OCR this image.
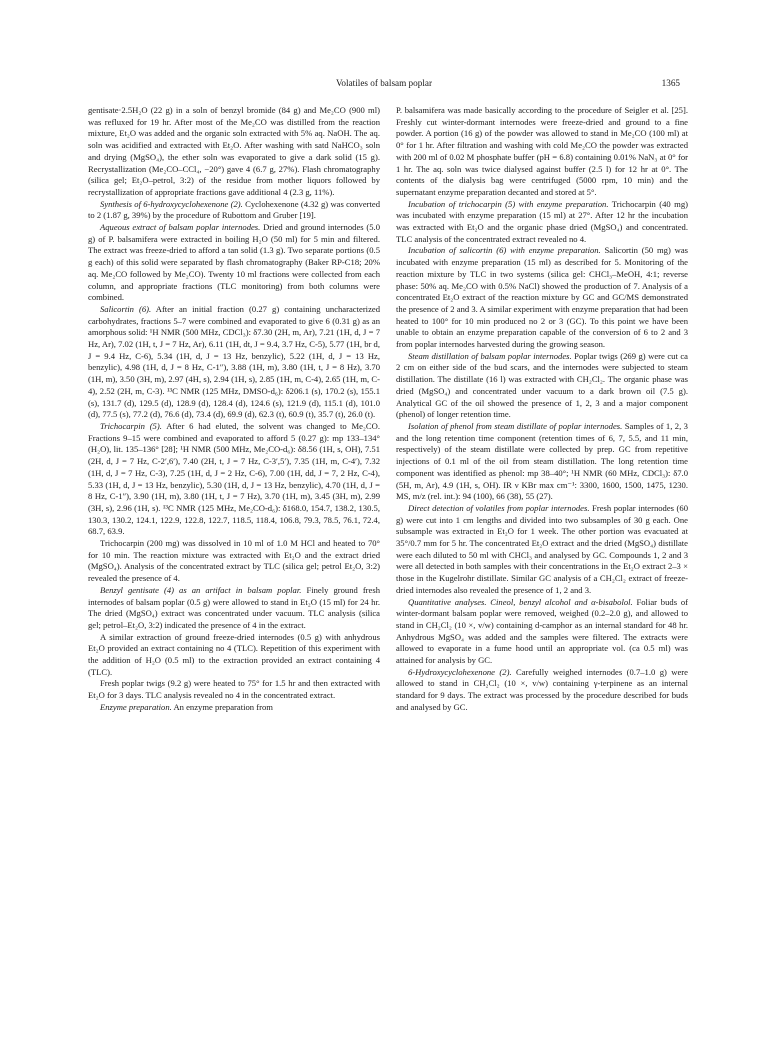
Volatiles of balsam poplar	1365

gentisate·2.5H₂O (22 g) in a soln of benzyl bromide (84 g) and Me₂CO (900 ml) was refluxed for 19 hr. After most of the Me₂CO was distilled from the reaction mixture, Et₂O was added and the organic soln extracted with 5% aq. NaOH. The aq. soln was acidified and extracted with Et₂O. After washing with satd NaHCO₃ soln and drying (MgSO₄), the ether soln was evaporated to give a dark solid (15 g). Recrystallization (Me₂CO–CCl₄, −20°) gave 4 (6.7 g, 27%). Flash chromatography (silica gel; Et₂O–petrol, 3:2) of the residue from mother liquors followed by recrystallization of appropriate fractions gave additional 4 (2.3 g, 11%).

Synthesis of 6-hydroxycyclohexenone (2). Cyclohexenone (4.32 g) was converted to 2 (1.87 g, 39%) by the procedure of Rubottom and Gruber [19].

Aqueous extract of balsam poplar internodes. Dried and ground internodes (5.0 g) of P. balsamifera were extracted in boiling H₂O (50 ml) for 5 min and filtered. The extract was freeze-dried to afford a tan solid (1.3 g). Two separate portions (0.5 g each) of this solid were separated by flash chromatography (Baker RP-C18; 20% aq. Me₂CO followed by Me₂CO). Twenty 10 ml fractions were collected from each column, and appropriate fractions (TLC monitoring) from both columns were combined.

Salicortin (6). After an initial fraction (0.27 g) containing uncharacterized carbohydrates, fractions 5–7 were combined and evaporated to give 6 (0.31 g) as an amorphous solid: ¹H NMR (500 MHz, CDCl₃): δ7.30 (2H, m, Ar), 7.21 (1H, d, J = 7 Hz, Ar), 7.02 (1H, t, J = 7 Hz, Ar), 6.11 (1H, dt, J = 9.4, 3.7 Hz, C-5), 5.77 (1H, br d, J = 9.4 Hz, C-6), 5.34 (1H, d, J = 13 Hz, benzylic), 5.22 (1H, d, J = 13 Hz, benzylic), 4.98 (1H, d, J = 8 Hz, C-1″), 3.88 (1H, m), 3.80 (1H, t, J = 8 Hz), 3.70 (1H, m), 3.50 (3H, m), 2.97 (4H, s), 2.94 (1H, s), 2.85 (1H, m, C-4), 2.65 (1H, m, C-4), 2.52 (2H, m, C-3). ¹³C NMR (125 MHz, DMSO-d₆): δ206.1 (s), 170.2 (s), 155.1 (s), 131.7 (d), 129.5 (d), 128.9 (d), 128.4 (d), 124.6 (s), 121.9 (d), 115.1 (d), 101.0 (d), 77.5 (s), 77.2 (d), 76.6 (d), 73.4 (d), 69.9 (d), 62.3 (t), 60.9 (t), 35.7 (t), 26.0 (t).

Trichocarpin (5). After 6 had eluted, the solvent was changed to Me₂CO. Fractions 9–15 were combined and evaporated to afford 5 (0.27 g): mp 133–134° (H₂O), lit. 135–136° [28]; ¹H NMR (500 MHz, Me₂CO-d₆): δ8.56 (1H, s, OH), 7.51 (2H, d, J = 7 Hz, C-2′,6′), 7.40 (2H, t, J = 7 Hz, C-3′,5′), 7.35 (1H, m, C-4′), 7.32 (1H, d, J = 7 Hz, C-3), 7.25 (1H, d, J = 2 Hz, C-6), 7.00 (1H, dd, J = 7, 2 Hz, C-4), 5.33 (1H, d, J = 13 Hz, benzylic), 5.30 (1H, d, J = 13 Hz, benzylic), 4.70 (1H, d, J = 8 Hz, C-1″), 3.90 (1H, m), 3.80 (1H, t, J = 7 Hz), 3.70 (1H, m), 3.45 (3H, m), 2.99 (3H, s), 2.96 (1H, s). ¹³C NMR (125 MHz, Me₂CO-d₆): δ168.0, 154.7, 138.2, 130.5, 130.3, 130.2, 124.1, 122.9, 122.8, 122.7, 118.5, 118.4, 106.8, 79.3, 78.5, 76.1, 72.4, 68.7, 63.9.

Trichocarpin (200 mg) was dissolved in 10 ml of 1.0 M HCl and heated to 70° for 10 min. The reaction mixture was extracted with Et₂O and the extract dried (MgSO₄). Analysis of the concentrated extract by TLC (silica gel; petrol Et₂O, 3:2) revealed the presence of 4.

Benzyl gentisate (4) as an artifact in balsam poplar. Finely ground fresh internodes of balsam poplar (0.5 g) were allowed to stand in Et₂O (15 ml) for 24 hr. The dried (MgSO₄) extract was concentrated under vacuum. TLC analysis (silica gel; petrol–Et₂O, 3:2) indicated the presence of 4 in the extract.

A similar extraction of ground freeze-dried internodes (0.5 g) with anhydrous Et₂O provided an extract containing no 4 (TLC). Repetition of this experiment with the addition of H₂O (0.5 ml) to the extraction provided an extract containing 4 (TLC).

Fresh poplar twigs (9.2 g) were heated to 75° for 1.5 hr and then extracted with Et₂O for 3 days. TLC analysis revealed no 4 in the concentrated extract.

Enzyme preparation. An enzyme preparation from

P. balsamifera was made basically according to the procedure of Seigler et al. [25]. Freshly cut winter-dormant internodes were freeze-dried and ground to a fine powder. A portion (16 g) of the powder was allowed to stand in Me₂CO (100 ml) at 0° for 1 hr. After filtration and washing with cold Me₂CO the powder was extracted with 200 ml of 0.02 M phosphate buffer (pH = 6.8) containing 0.01% NaN₃ at 0° for 1 hr. The aq. soln was twice dialysed against buffer (2.5 l) for 12 hr at 0°. The contents of the dialysis bag were centrifuged (5000 rpm, 10 min) and the supernatant enzyme preparation decanted and stored at 5°.

Incubation of trichocarpin (5) with enzyme preparation. Trichocarpin (40 mg) was incubated with enzyme preparation (15 ml) at 27°. After 12 hr the incubation was extracted with Et₂O and the organic phase dried (MgSO₄) and concentrated. TLC analysis of the concentrated extract revealed no 4.

Incubation of salicortin (6) with enzyme preparation. Salicortin (50 mg) was incubated with enzyme preparation (15 ml) as described for 5. Monitoring of the reaction mixture by TLC in two systems (silica gel: CHCl₃–MeOH, 4:1; reverse phase: 50% aq. Me₂CO with 0.5% NaCl) showed the production of 7. Analysis of a concentrated Et₂O extract of the reaction mixture by GC and GC/MS demonstrated the presence of 2 and 3. A similar experiment with enzyme preparation that had been heated to 100° for 10 min produced no 2 or 3 (GC). To this point we have been unable to obtain an enzyme preparation capable of the conversion of 6 to 2 and 3 from poplar internodes harvested during the growing season.

Steam distillation of balsam poplar internodes. Poplar twigs (269 g) were cut ca 2 cm on either side of the bud scars, and the internodes were subjected to steam distillation. The distillate (16 l) was extracted with CH₂Cl₂. The organic phase was dried (MgSO₄) and concentrated under vacuum to a dark brown oil (7.5 g). Analytical GC of the oil showed the presence of 1, 2, 3 and a major component (phenol) of longer retention time.

Isolation of phenol from steam distillate of poplar internodes. Samples of 1, 2, 3 and the long retention time component (retention times of 6, 7, 5.5, and 11 min, respectively) of the steam distillate were collected by prep. GC from repetitive injections of 0.1 ml of the oil from steam distillation. The long retention time component was identified as phenol: mp 38–40°; ¹H NMR (60 MHz, CDCl₃): δ7.0 (5H, m, Ar), 4.9 (1H, s, OH). IR ν KBr max cm⁻¹: 3300, 1600, 1500, 1475, 1230. MS, m/z (rel. int.): 94 (100), 66 (38), 55 (27).

Direct detection of volatiles from poplar internodes. Fresh poplar internodes (60 g) were cut into 1 cm lengths and divided into two subsamples of 30 g each. One subsample was extracted in Et₂O for 1 week. The other portion was evacuated at 35°/0.7 mm for 5 hr. The concentrated Et₂O extract and the dried (MgSO₄) distillate were each diluted to 50 ml with CHCl₃ and analysed by GC. Compounds 1, 2 and 3 were all detected in both samples with their concentrations in the Et₂O extract 2–3 × those in the Kugelrohr distillate. Similar GC analysis of a CH₂Cl₂ extract of freeze-dried internodes also revealed the presence of 1, 2 and 3.

Quantitative analyses. Cineol, benzyl alcohol and α-bisabolol. Foliar buds of winter-dormant balsam poplar were removed, weighed (0.2–2.0 g), and allowed to stand in CH₂Cl₂ (10 ×, v/w) containing d-camphor as an internal standard for 48 hr. Anhydrous MgSO₄ was added and the samples were filtered. The extracts were allowed to evaporate in a fume hood until an appropriate vol. (ca 0.5 ml) was attained for analysis by GC.

6-Hydroxycyclohexenone (2). Carefully weighed internodes (0.7–1.0 g) were allowed to stand in CH₂Cl₂ (10 ×, v/w) containing γ-terpinene as an internal standard for 9 days. The extract was processed by the procedure described for buds and analysed by GC.
